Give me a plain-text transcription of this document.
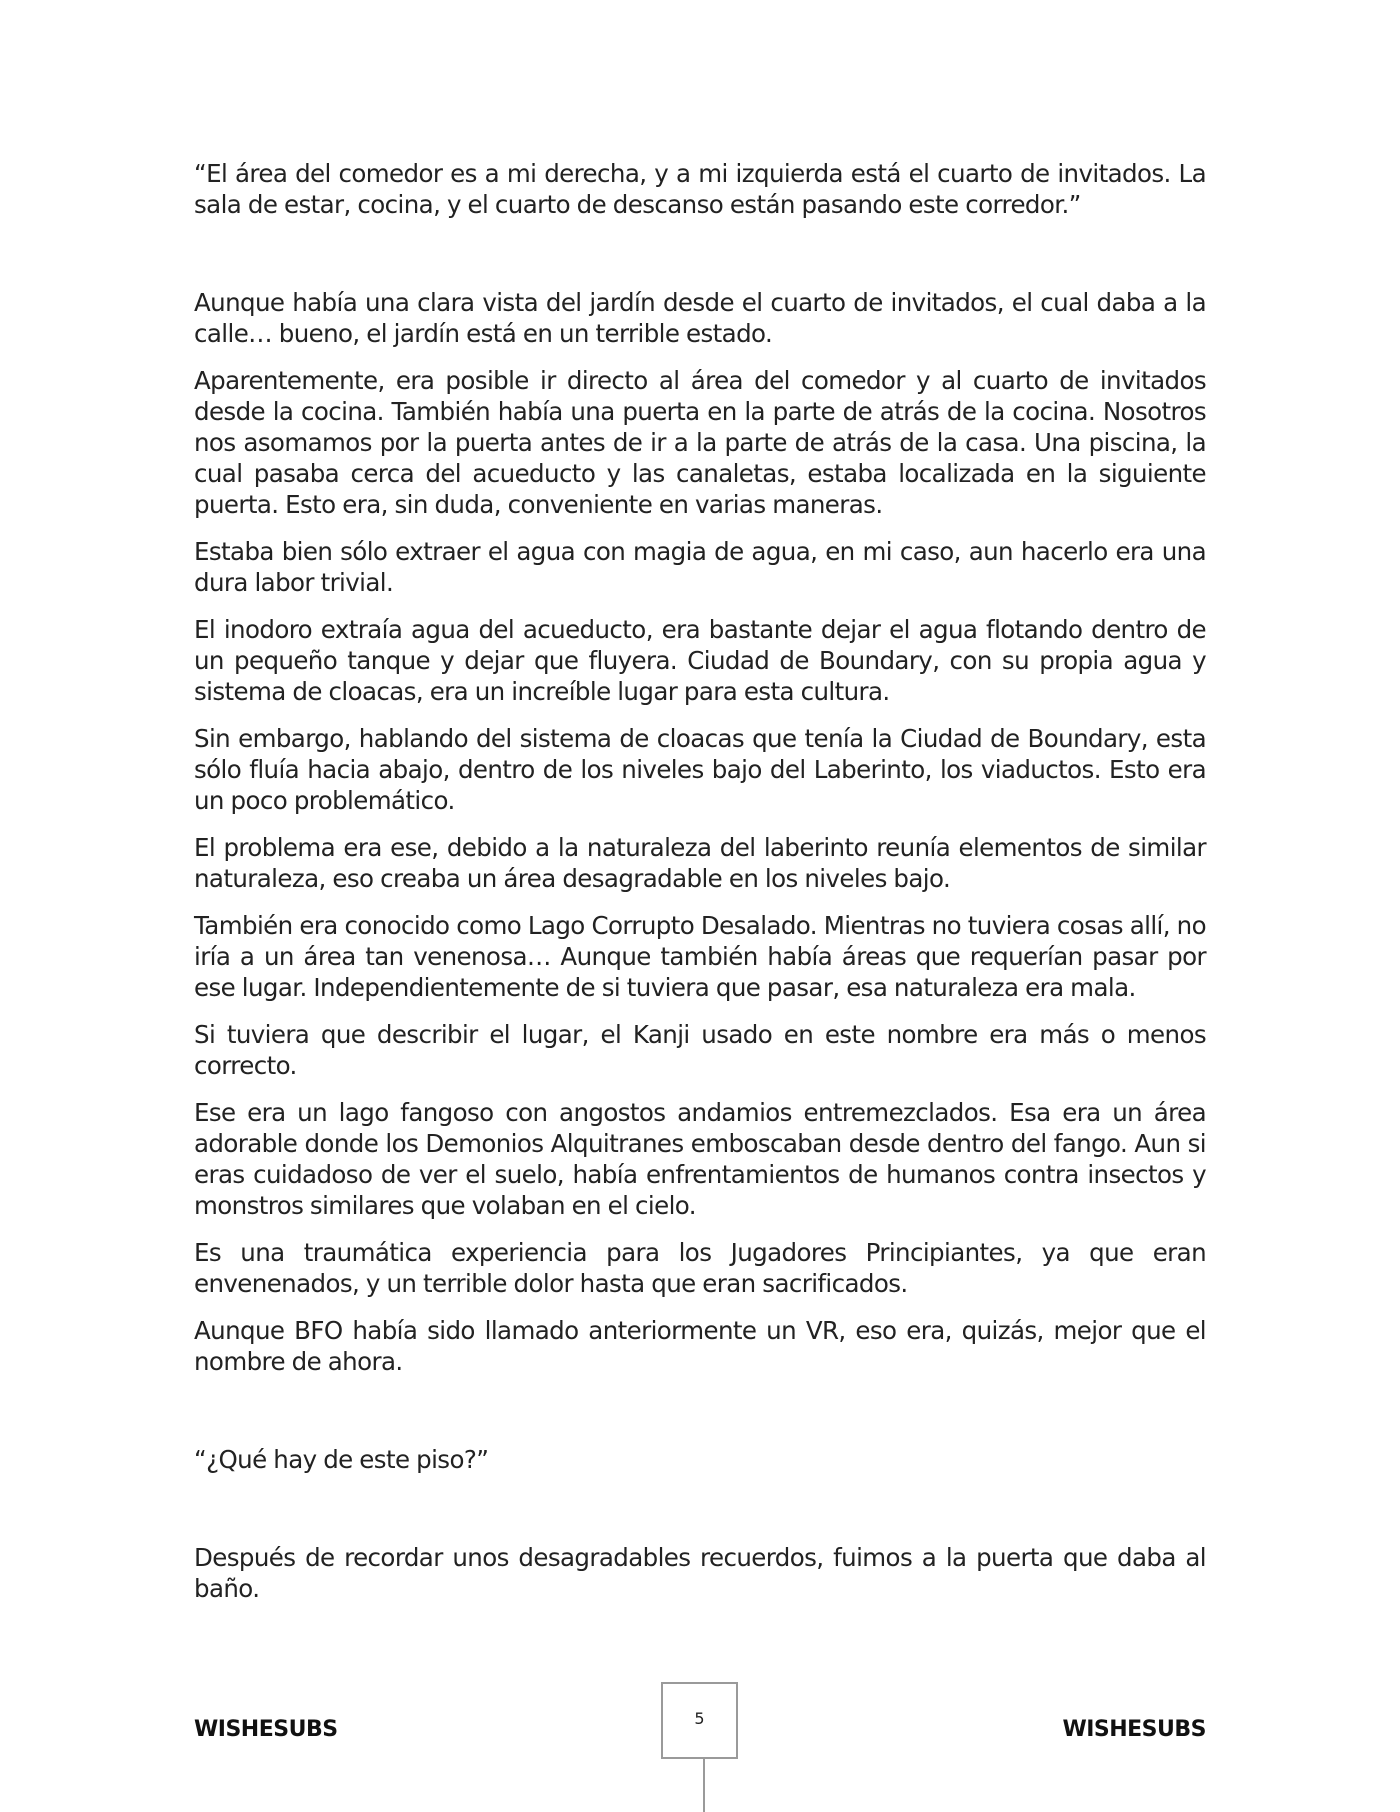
“El área del comedor es a mi derecha, y a mi izquierda está el cuarto de invitados. La sala de estar, cocina, y el cuarto de descanso están pasando este corredor.”

Aunque había una clara vista del jardín desde el cuarto de invitados, el cual daba a la calle… bueno, el jardín está en un terrible estado.

Aparentemente, era posible ir directo al área del comedor y al cuarto de invitados desde la cocina. También había una puerta en la parte de atrás de la cocina. Nosotros nos asomamos por la puerta antes de ir a la parte de atrás de la casa. Una piscina, la cual pasaba cerca del acueducto y las canaletas, estaba localizada en la siguiente puerta. Esto era, sin duda, conveniente en varias maneras.

Estaba bien sólo extraer el agua con magia de agua, en mi caso, aun hacerlo era una dura labor trivial.

El inodoro extraía agua del acueducto, era bastante dejar el agua flotando dentro de un pequeño tanque y dejar que fluyera. Ciudad de Boundary, con su propia agua y sistema de cloacas, era un increíble lugar para esta cultura.

Sin embargo, hablando del sistema de cloacas que tenía la Ciudad de Boundary, esta sólo fluía hacia abajo, dentro de los niveles bajo del Laberinto, los viaductos. Esto era un poco problemático.

El problema era ese, debido a la naturaleza del laberinto reunía elementos de similar naturaleza, eso creaba un área desagradable en los niveles bajo.

También era conocido como Lago Corrupto Desalado. Mientras no tuviera cosas allí, no iría a un área tan venenosa… Aunque también había áreas que requerían pasar por ese lugar. Independientemente de si tuviera que pasar, esa naturaleza era mala.

Si tuviera que describir el lugar, el Kanji usado en este nombre era más o menos correcto.

Ese era un lago fangoso con angostos andamios entremezclados. Esa era un área adorable donde los Demonios Alquitranes emboscaban desde dentro del fango. Aun si eras cuidadoso de ver el suelo, había enfrentamientos de humanos contra insectos y monstros similares que volaban en el cielo.

Es una traumática experiencia para los Jugadores Principiantes, ya que eran envenenados, y un terrible dolor hasta que eran sacrificados.

Aunque BFO había sido llamado anteriormente un VR, eso era, quizás, mejor que el nombre de ahora.

“¿Qué hay de este piso?”

Después de recordar unos desagradables recuerdos, fuimos a la puerta que daba al baño.

WISHESUBS	WISHESUBS
5
